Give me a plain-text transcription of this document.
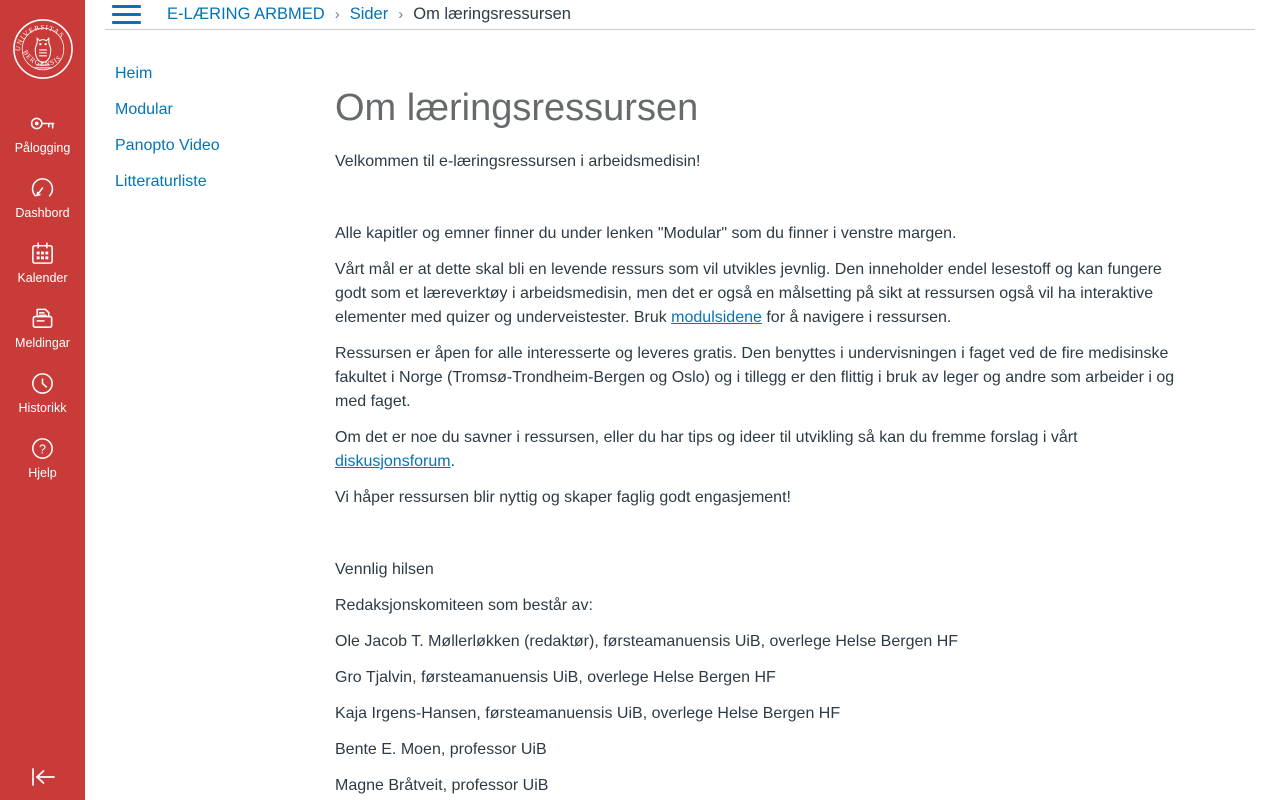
UNIVERSITAS
BERGENSIS
Pålogging
Dashbord
Kalender
Meldingar
Historikk
?
Hjelp
E-LÆRING ARBMED › Sider › Om læringsressursen
Heim
Modular
Panopto Video
Litteraturliste
Om læringsressursen

Velkommen til e-læringsressursen i arbeidsmedisin!

Alle kapitler og emner finner du under lenken "Modular" som du finner i venstre margen.

Vårt mål er at dette skal bli en levende ressurs som vil utvikles jevnlig. Den inneholder endel lesestoff og kan fungere godt som et læreverktøy i arbeidsmedisin, men det er også en målsetting på sikt at ressursen også vil ha interaktive elementer med quizer og underveistester. Bruk modulsidene for å navigere i ressursen.

Ressursen er åpen for alle interesserte og leveres gratis. Den benyttes i undervisningen i faget ved de fire medisinske fakultet i Norge (Tromsø-Trondheim-Bergen og Oslo) og i tillegg er den flittig i bruk av leger og andre som arbeider i og med faget.

Om det er noe du savner i ressursen, eller du har tips og ideer til utvikling så kan du fremme forslag i vårt diskusjonsforum.

Vi håper ressursen blir nyttig og skaper faglig godt engasjement!

Vennlig hilsen

Redaksjonskomiteen som består av:

Ole Jacob T. Møllerløkken (redaktør), førsteamanuensis UiB, overlege Helse Bergen HF

Gro Tjalvin, førsteamanuensis UiB, overlege Helse Bergen HF

Kaja Irgens-Hansen, førsteamanuensis UiB, overlege Helse Bergen HF

Bente E. Moen, professor UiB

Magne Bråtveit, professor UiB
